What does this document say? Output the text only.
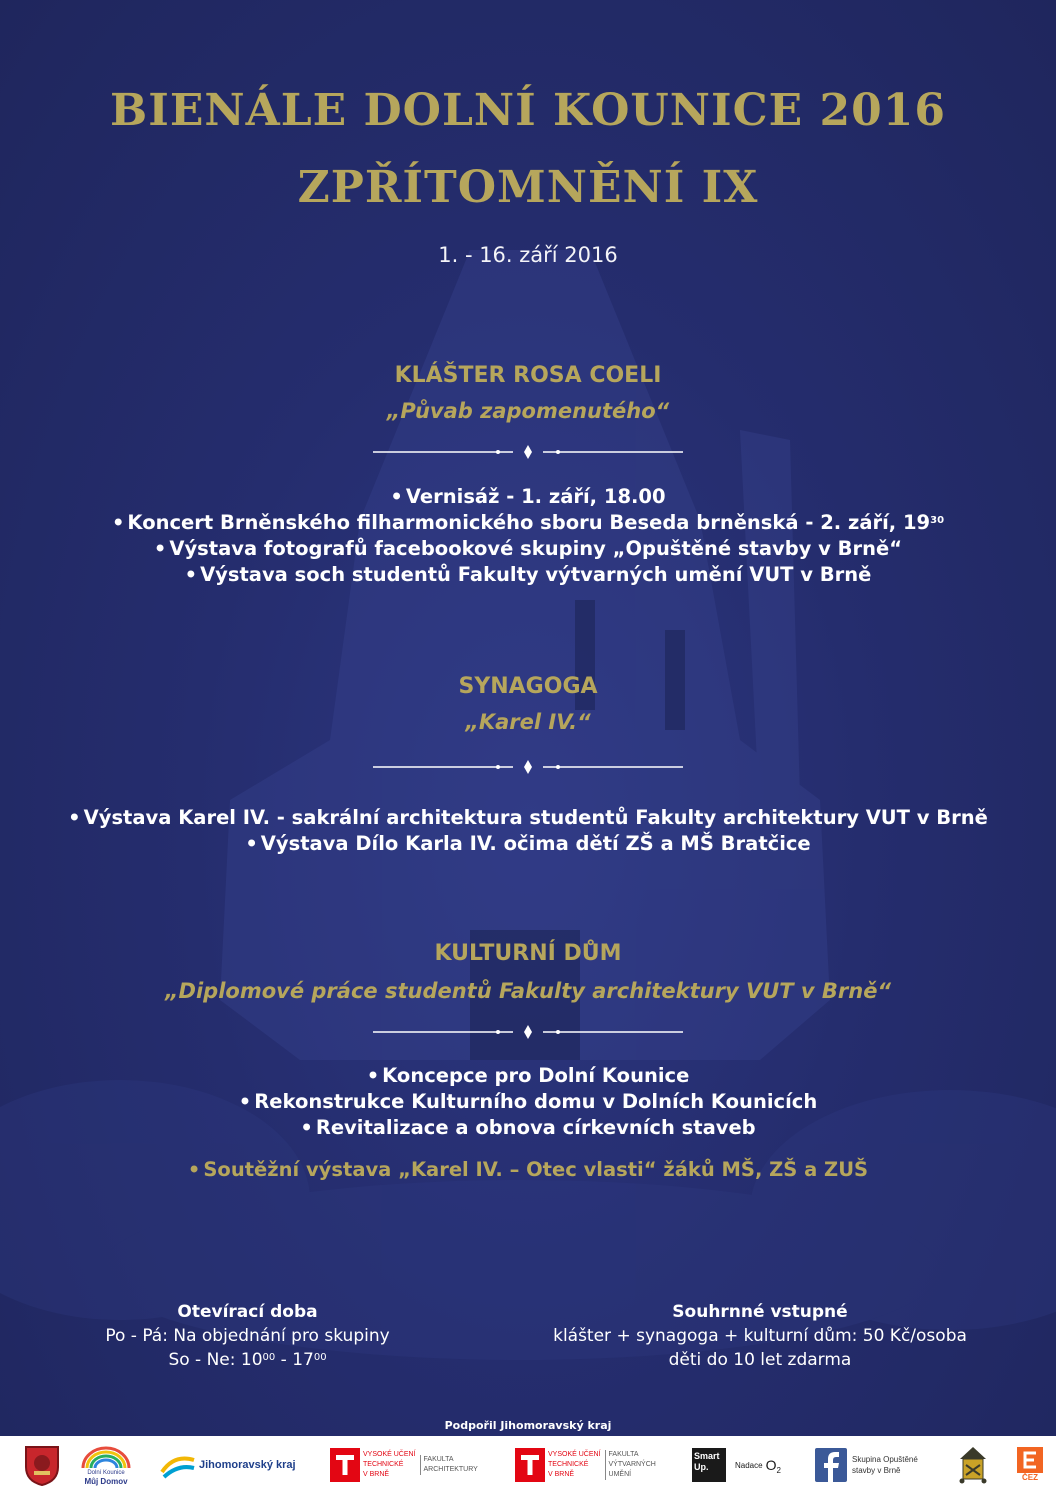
BIENÁLE DOLNÍ KOUNICE 2016
ZPŘÍTOMNĚNÍ IX
1. - 16. září 2016
KLÁŠTER ROSA COELI
„Půvab zapomenutého“
• Vernisáž - 1. září, 18.00
• Koncert Brněnského filharmonického sboru Beseda brněnská - 2. září, $19^{30}$
• Výstava fotografů facebookové skupiny „Opuštěné stavby v Brně“
• Výstava soch studentů Fakulty výtvarných umění VUT v Brně
SYNAGOGA
„Karel IV.“
• Výstava Karel IV. - sakrální architektura studentů Fakulty architektury VUT v Brně
• Výstava Dílo Karla IV. očima dětí ZŠ a MŠ Bratčice
KULTURNÍ DŮM
„Diplomové práce studentů Fakulty architektury VUT v Brně“
• Koncepce pro Dolní Kounice
• Rekonstrukce Kulturního domu v Dolních Kounicích
• Revitalizace a obnova církevních staveb
• Soutěžní výstava „Karel IV. – Otec vlasti“ žáků MŠ, ZŠ a ZUŠ
Otevírací doba
Po - Pá: Na objednání pro skupiny
So - Ne: $10^{00} - 17^{00}$
Souhrnné vstupné
klášter + synagoga + kulturní dům: 50 Kč/osoba
děti do 10 let zdarma
Podpořil Jihomoravský kraj
Dolní Kounice
Můj Domov
Jihomoravský kraj
VYSOKÉ UČENÍ
TECHNICKÉ
V BRNĚ
FAKULTA
ARCHITEKTURY
VYSOKÉ UČENÍ
TECHNICKÉ
V BRNĚ
FAKULTA
VÝTVARNÝCH
UMĚNÍ
Smart
Up.	Nadace O 2
Skupina Opuštěné
stavby v Brně
ČEZ
